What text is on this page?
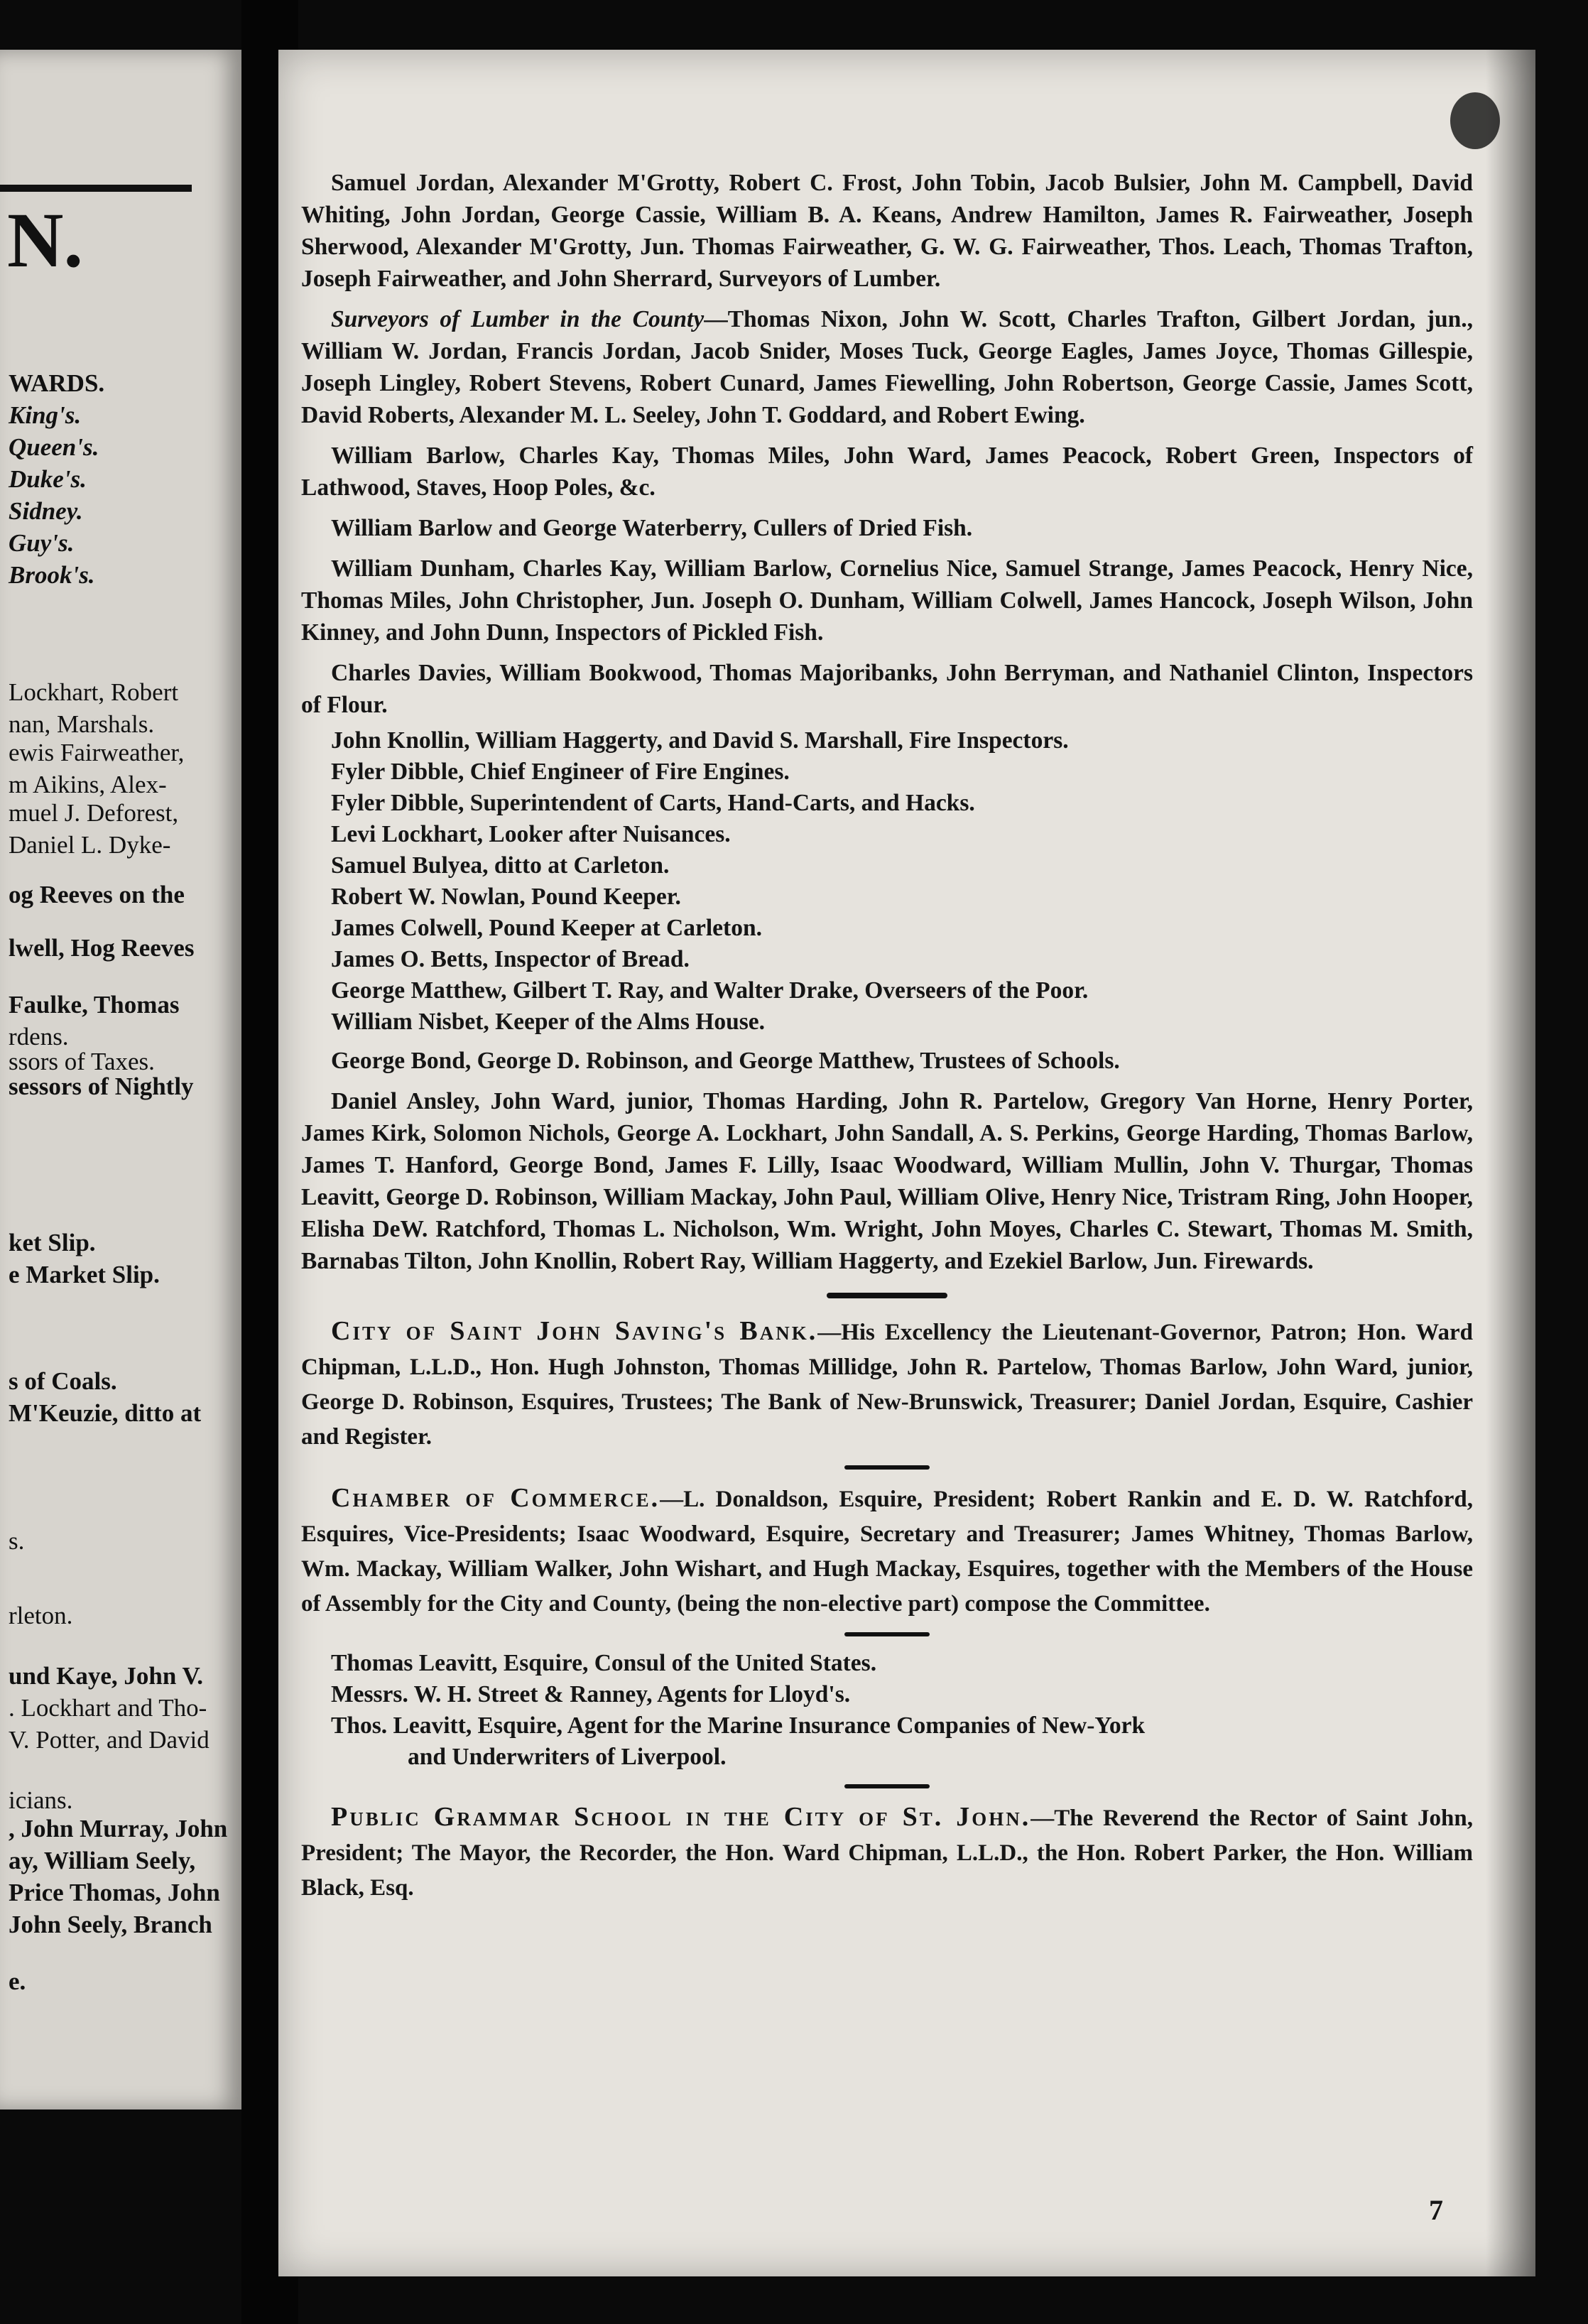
N.
WARDS.
King's.
Queen's.
Duke's.
Sidney.
Guy's.
Brook's.
Lockhart, Robert
nan, Marshals.
ewis Fairweather,
m Aikins, Alex-
muel J. Deforest,
Daniel L. Dyke-
og Reeves on the
lwell, Hog Reeves
Faulke, Thomas
rdens.
ssors of Taxes.
sessors of Nightly
ket Slip.
e Market Slip.
s of Coals.
M'Keuzie, ditto at
s.
rleton.
und Kaye, John V.
. Lockhart and Tho-
V. Potter, and David
icians.
, John Murray, John
ay, William Seely,
Price Thomas, John
John Seely, Branch
e.

Samuel Jordan, Alexander M'Grotty, Robert C. Frost, John Tobin, Jacob Bulsier, John M. Campbell, David Whiting, John Jordan, George Cassie, William B. A. Keans, Andrew Hamilton, James R. Fairweather, Joseph Sherwood, Alexander M'Grotty, Jun. Thomas Fairweather, G. W. G. Fairweather, Thos. Leach, Thomas Trafton, Joseph Fairweather, and John Sherrard, Surveyors of Lumber.

Surveyors of Lumber in the County—Thomas Nixon, John W. Scott, Charles Trafton, Gilbert Jordan, jun., William W. Jordan, Francis Jordan, Jacob Snider, Moses Tuck, George Eagles, James Joyce, Thomas Gillespie, Joseph Lingley, Robert Stevens, Robert Cunard, James Fiewelling, John Robertson, George Cassie, James Scott, David Roberts, Alexander M. L. Seeley, John T. Goddard, and Robert Ewing.

William Barlow, Charles Kay, Thomas Miles, John Ward, James Peacock, Robert Green, Inspectors of Lathwood, Staves, Hoop Poles, &c.

William Barlow and George Waterberry, Cullers of Dried Fish.

William Dunham, Charles Kay, William Barlow, Cornelius Nice, Samuel Strange, James Peacock, Henry Nice, Thomas Miles, John Christopher, Jun. Joseph O. Dunham, William Colwell, James Hancock, Joseph Wilson, John Kinney, and John Dunn, Inspectors of Pickled Fish.

Charles Davies, William Bookwood, Thomas Majoribanks, John Berryman, and Nathaniel Clinton, Inspectors of Flour.

John Knollin, William Haggerty, and David S. Marshall, Fire Inspectors.
Fyler Dibble, Chief Engineer of Fire Engines.
Fyler Dibble, Superintendent of Carts, Hand-Carts, and Hacks.
Levi Lockhart, Looker after Nuisances.
Samuel Bulyea, ditto at Carleton.
Robert W. Nowlan, Pound Keeper.
James Colwell, Pound Keeper at Carleton.
James O. Betts, Inspector of Bread.
George Matthew, Gilbert T. Ray, and Walter Drake, Overseers of the Poor.
William Nisbet, Keeper of the Alms House.

George Bond, George D. Robinson, and George Matthew, Trustees of Schools.

Daniel Ansley, John Ward, junior, Thomas Harding, John R. Partelow, Gregory Van Horne, Henry Porter, James Kirk, Solomon Nichols, George A. Lockhart, John Sandall, A. S. Perkins, George Harding, Thomas Barlow, James T. Hanford, George Bond, James F. Lilly, Isaac Woodward, William Mullin, John V. Thurgar, Thomas Leavitt, George D. Robinson, William Mackay, John Paul, William Olive, Henry Nice, Tristram Ring, John Hooper, Elisha DeW. Ratchford, Thomas L. Nicholson, Wm. Wright, John Moyes, Charles C. Stewart, Thomas M. Smith, Barnabas Tilton, John Knollin, Robert Ray, William Haggerty, and Ezekiel Barlow, Jun. Firewards.

City of Saint John Saving's Bank.—His Excellency the Lieutenant-Governor, Patron; Hon. Ward Chipman, L.L.D., Hon. Hugh Johnston, Thomas Millidge, John R. Partelow, Thomas Barlow, John Ward, junior, George D. Robinson, Esquires, Trustees; The Bank of New-Brunswick, Treasurer; Daniel Jordan, Esquire, Cashier and Register.

Chamber of Commerce.—L. Donaldson, Esquire, President; Robert Rankin and E. D. W. Ratchford, Esquires, Vice-Presidents; Isaac Woodward, Esquire, Secretary and Treasurer; James Whitney, Thomas Barlow, Wm. Mackay, William Walker, John Wishart, and Hugh Mackay, Esquires, together with the Members of the House of Assembly for the City and County, (being the non-elective part) compose the Committee.

Thomas Leavitt, Esquire, Consul of the United States.
Messrs. W. H. Street & Ranney, Agents for Lloyd's.
Thos. Leavitt, Esquire, Agent for the Marine Insurance Companies of New-York
and Underwriters of Liverpool.

Public Grammar School in the City of St. John.—The Reverend the Rector of Saint John, President; The Mayor, the Recorder, the Hon. Ward Chipman, L.L.D., the Hon. Robert Parker, the Hon. William Black, Esq.

7
